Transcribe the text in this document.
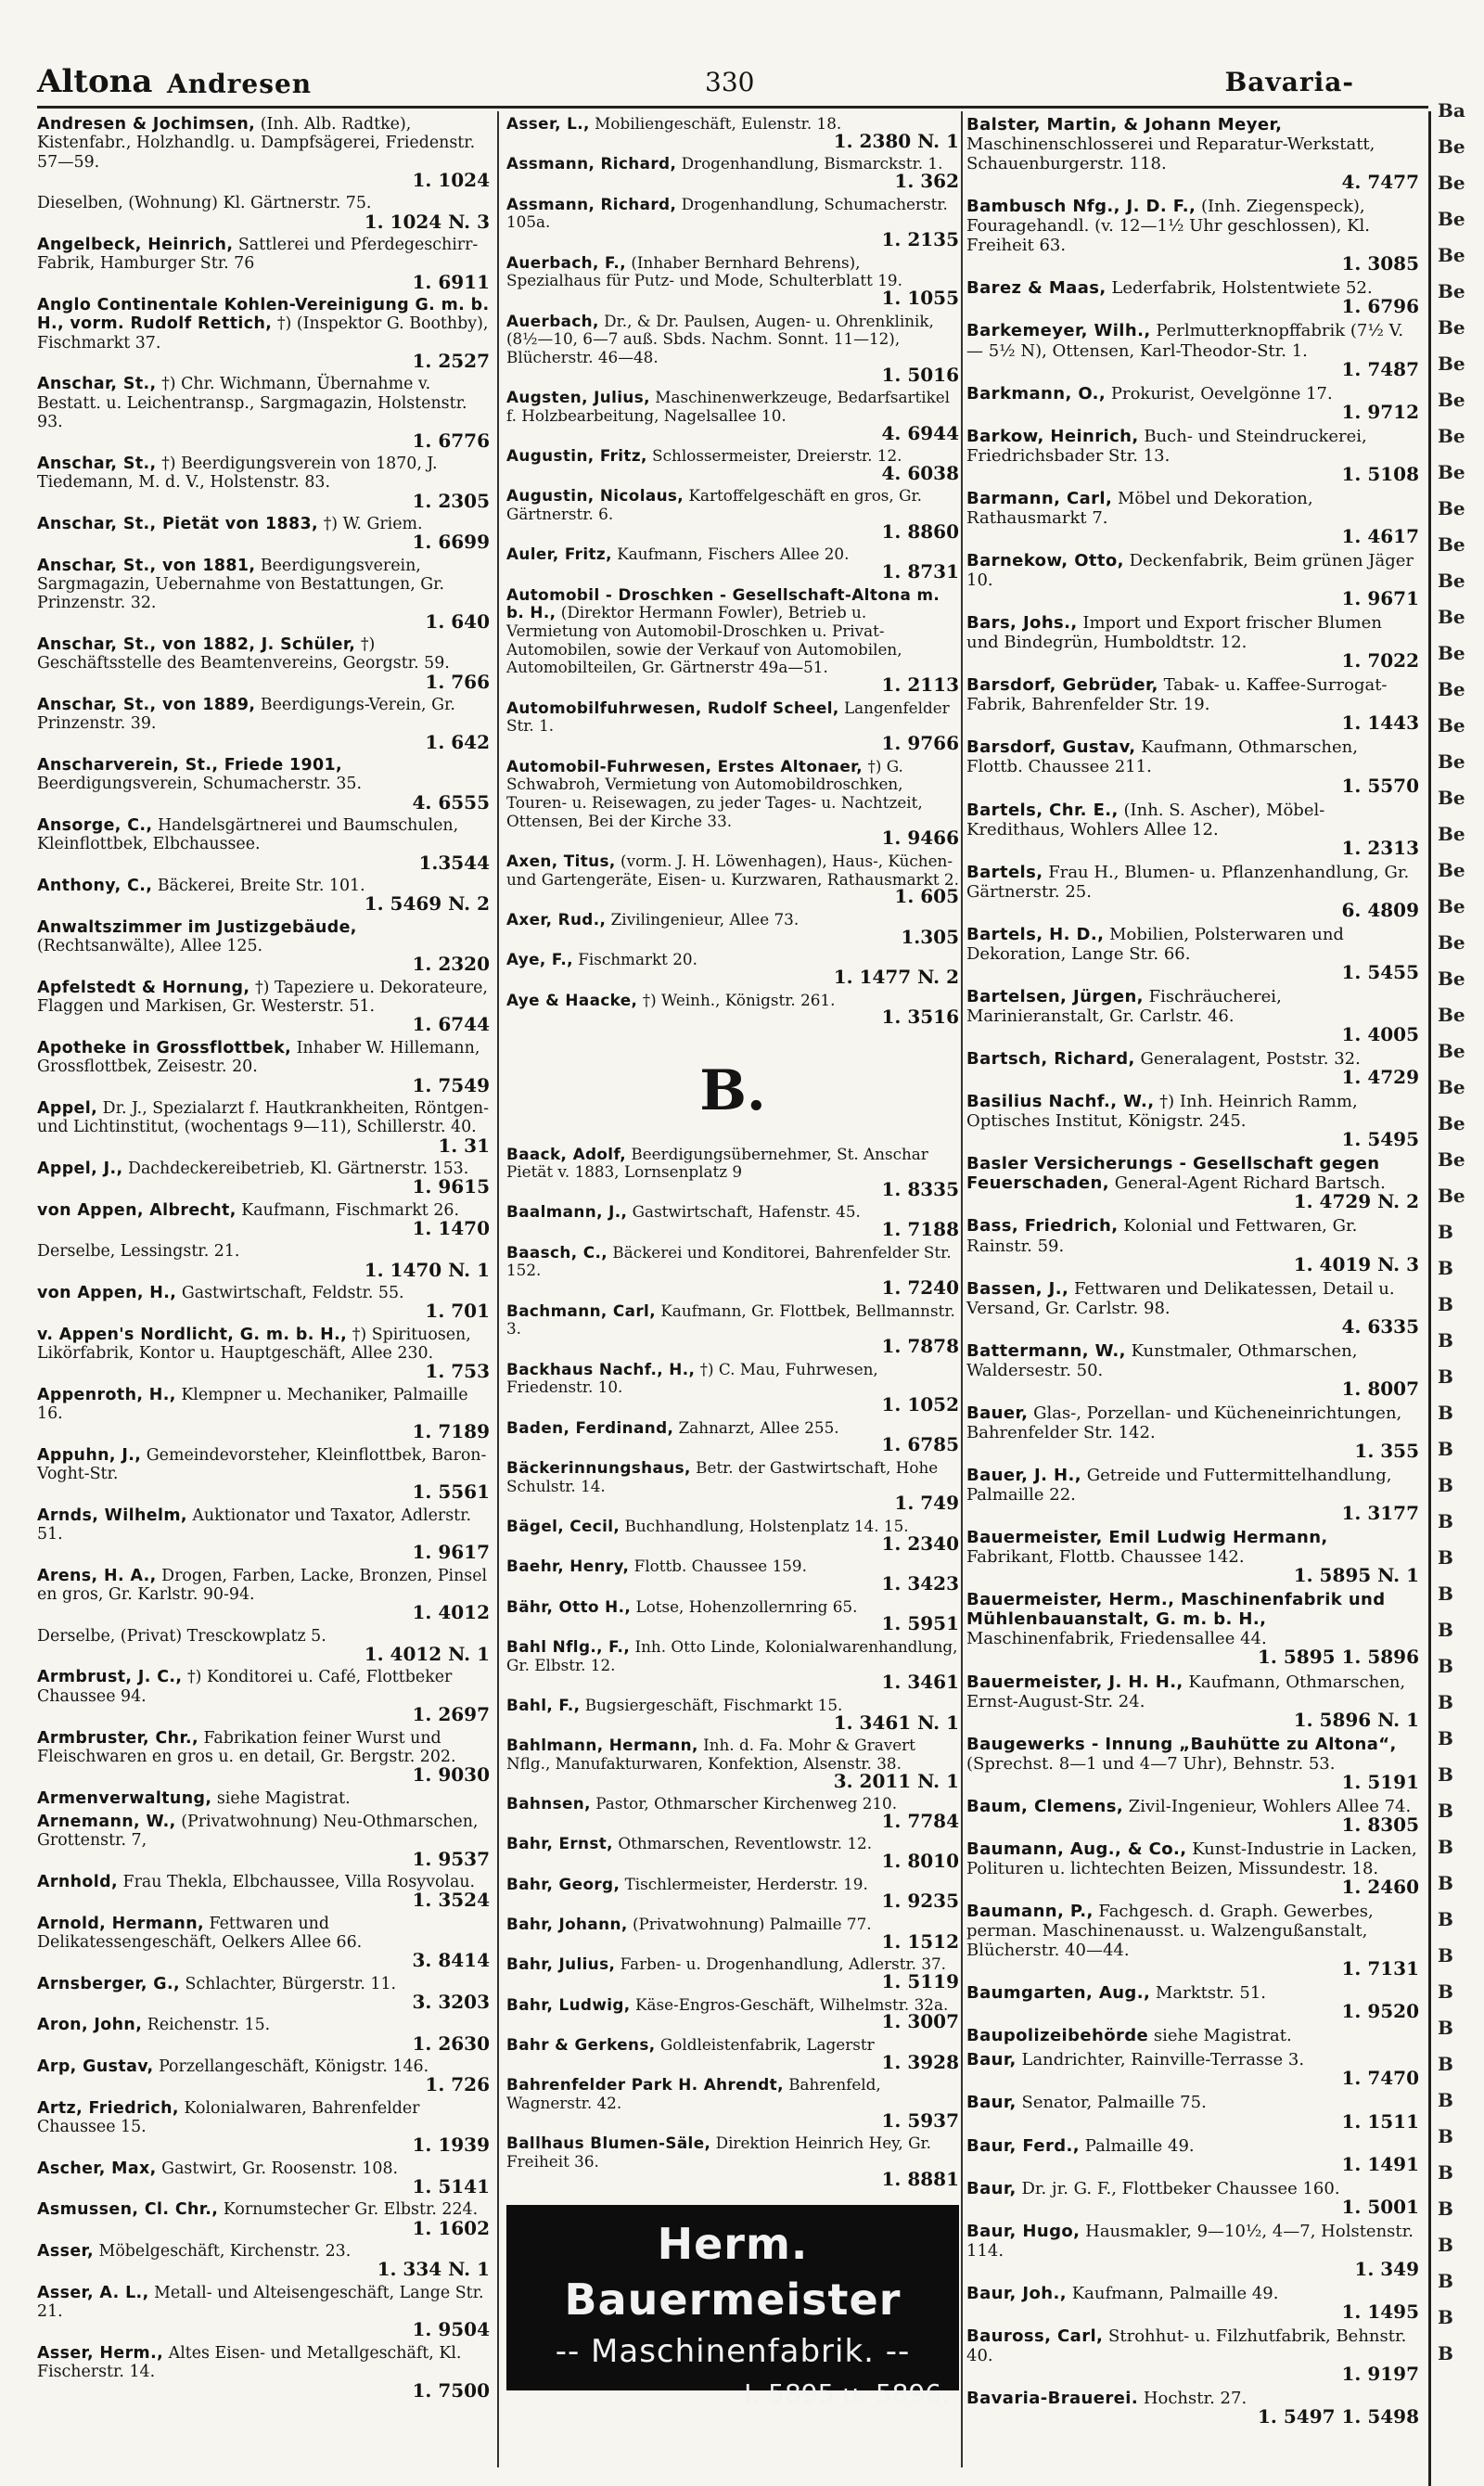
Altona Andresen	330	Bavaria-
Andresen & Jochimsen, (Inh. Alb. Radtke), Kistenfabr., Holzhandlg. u. Dampfsägerei, Friedenstr. 57—59.
1. 1024
Dieselben, (Wohnung) Kl. Gärtnerstr. 75.
1. 1024 N. 3
Angelbeck, Heinrich, Sattlerei und Pferdegeschirr-Fabrik, Hamburger Str. 76
1. 6911
Anglo Continentale Kohlen-Vereinigung G. m. b. H., vorm. Rudolf Rettich, †) (Inspektor G. Boothby), Fischmarkt 37.
1. 2527
Anschar, St., †) Chr. Wichmann, Übernahme v. Bestatt. u. Leichentransp., Sargmagazin, Holstenstr. 93.
1. 6776
Anschar, St., †) Beerdigungsverein von 1870, J. Tiedemann, M. d. V., Holstenstr. 83.
1. 2305
Anschar, St., Pietät von 1883, †) W. Griem.
1. 6699
Anschar, St., von 1881, Beerdigungsverein, Sargmagazin, Uebernahme von Bestattungen, Gr. Prinzenstr. 32.
1. 640
Anschar, St., von 1882, J. Schüler, †) Geschäftsstelle des Beamtenvereins, Georgstr. 59.
1. 766
Anschar, St., von 1889, Beerdigungs-Verein, Gr. Prinzenstr. 39.
1. 642
Anscharverein, St., Friede 1901, Beerdigungsverein, Schumacherstr. 35.
4. 6555
Ansorge, C., Handelsgärtnerei und Baumschulen, Kleinflottbek, Elbchaussee.
1.3544
Anthony, C., Bäckerei, Breite Str. 101.
1. 5469 N. 2
Anwaltszimmer im Justizgebäude, (Rechtsanwälte), Allee 125.
1. 2320
Apfelstedt & Hornung, †) Tapeziere u. Dekorateure, Flaggen und Markisen, Gr. Westerstr. 51.
1. 6744
Apotheke in Grossflottbek, Inhaber W. Hillemann, Grossflottbek, Zeisestr. 20.
1. 7549
Appel, Dr. J., Spezialarzt f. Hautkrankheiten, Röntgen- und Lichtinstitut, (wochentags 9—11), Schillerstr. 40.
1. 31
Appel, J., Dachdeckereibetrieb, Kl. Gärtnerstr. 153.
1. 9615
von Appen, Albrecht, Kaufmann, Fischmarkt 26.
1. 1470
Derselbe, Lessingstr. 21.
1. 1470 N. 1
von Appen, H., Gastwirtschaft, Feldstr. 55.
1. 701
v. Appen's Nordlicht, G. m. b. H., †) Spirituosen, Likörfabrik, Kontor u. Hauptgeschäft, Allee 230.
1. 753
Appenroth, H., Klempner u. Mechaniker, Palmaille 16.
1. 7189
Appuhn, J., Gemeindevorsteher, Kleinflottbek, Baron-Voght-Str.
1. 5561
Arnds, Wilhelm, Auktionator und Taxator, Adlerstr. 51.
1. 9617
Arens, H. A., Drogen, Farben, Lacke, Bronzen, Pinsel en gros, Gr. Karlstr. 90-94.
1. 4012
Derselbe, (Privat) Tresckowplatz 5.
1. 4012 N. 1
Armbrust, J. C., †) Konditorei u. Café, Flottbeker Chaussee 94.
1. 2697
Armbruster, Chr., Fabrikation feiner Wurst und Fleischwaren en gros u. en detail, Gr. Bergstr. 202.
1. 9030
Armenverwaltung, siehe Magistrat.
Arnemann, W., (Privatwohnung) Neu-Othmarschen, Grottenstr. 7,
1. 9537
Arnhold, Frau Thekla, Elbchaussee, Villa Rosyvolau.
1. 3524
Arnold, Hermann, Fettwaren und Delikatessengeschäft, Oelkers Allee 66.
3. 8414
Arnsberger, G., Schlachter, Bürgerstr. 11.
3. 3203
Aron, John, Reichenstr. 15.
1. 2630
Arp, Gustav, Porzellangeschäft, Königstr. 146.
1. 726
Artz, Friedrich, Kolonialwaren, Bahrenfelder Chaussee 15.
1. 1939
Ascher, Max, Gastwirt, Gr. Roosenstr. 108.
1. 5141
Asmussen, Cl. Chr., Kornumstecher Gr. Elbstr. 224.
1. 1602
Asser, Möbelgeschäft, Kirchenstr. 23.
1. 334 N. 1
Asser, A. L., Metall- und Alteisengeschäft, Lange Str. 21.
1. 9504
Asser, Herm., Altes Eisen- und Metallgeschäft, Kl. Fischerstr. 14.
1. 7500
Asser, L., Mobiliengeschäft, Eulenstr. 18.
1. 2380 N. 1
Assmann, Richard, Drogenhandlung, Bismarckstr. 1.
1. 362
Assmann, Richard, Drogenhandlung, Schumacherstr. 105a.
1. 2135
Auerbach, F., (Inhaber Bernhard Behrens), Spezialhaus für Putz- und Mode, Schulterblatt 19.
1. 1055
Auerbach, Dr., & Dr. Paulsen, Augen- u. Ohrenklinik, (8½—10, 6—7 auß. Sbds. Nachm. Sonnt. 11—12), Blücherstr. 46—48.
1. 5016
Augsten, Julius, Maschinenwerkzeuge, Bedarfsartikel f. Holzbearbeitung, Nagelsallee 10.
4. 6944
Augustin, Fritz, Schlossermeister, Dreierstr. 12.
4. 6038
Augustin, Nicolaus, Kartoffelgeschäft en gros, Gr. Gärtnerstr. 6.
1. 8860
Auler, Fritz, Kaufmann, Fischers Allee 20.
1. 8731
Automobil - Droschken - Gesellschaft-Altona m. b. H., (Direktor Hermann Fowler), Betrieb u. Vermietung von Automobil-Droschken u. Privat-Automobilen, sowie der Verkauf von Automobilen, Automobilteilen, Gr. Gärtnerstr 49a—51.
1. 2113
Automobilfuhrwesen, Rudolf Scheel, Langenfelder Str. 1.
1. 9766
Automobil-Fuhrwesen, Erstes Altonaer, †) G. Schwabroh, Vermietung von Automobildroschken, Touren- u. Reisewagen, zu jeder Tages- u. Nachtzeit, Ottensen, Bei der Kirche 33.
1. 9466
Axen, Titus, (vorm. J. H. Löwenhagen), Haus-, Küchen- und Gartengeräte, Eisen- u. Kurzwaren, Rathausmarkt 2.
1. 605
Axer, Rud., Zivilingenieur, Allee 73.
1.305
Aye, F., Fischmarkt 20.
1. 1477 N. 2
Aye & Haacke, †) Weinh., Königstr. 261.
1. 3516
B.
Baack, Adolf, Beerdigungsübernehmer, St. Anschar Pietät v. 1883, Lornsenplatz 9
1. 8335
Baalmann, J., Gastwirtschaft, Hafenstr. 45.
1. 7188
Baasch, C., Bäckerei und Konditorei, Bahrenfelder Str. 152.
1. 7240
Bachmann, Carl, Kaufmann, Gr. Flottbek, Bellmannstr. 3.
1. 7878
Backhaus Nachf., H., †) C. Mau, Fuhrwesen, Friedenstr. 10.
1. 1052
Baden, Ferdinand, Zahnarzt, Allee 255.
1. 6785
Bäckerinnungshaus, Betr. der Gastwirtschaft, Hohe Schulstr. 14.
1. 749
Bägel, Cecil, Buchhandlung, Holstenplatz 14. 15.
1. 2340
Baehr, Henry, Flottb. Chaussee 159.
1. 3423
Bähr, Otto H., Lotse, Hohenzollernring 65.
1. 5951
Bahl Nflg., F., Inh. Otto Linde, Kolonialwarenhandlung, Gr. Elbstr. 12.
1. 3461
Bahl, F., Bugsiergeschäft, Fischmarkt 15.
1. 3461 N. 1
Bahlmann, Hermann, Inh. d. Fa. Mohr & Gravert Nflg., Manufakturwaren, Konfektion, Alsenstr. 38.
3. 2011 N. 1
Bahnsen, Pastor, Othmarscher Kirchenweg 210.
1. 7784
Bahr, Ernst, Othmarschen, Reventlowstr. 12.
1. 8010
Bahr, Georg, Tischlermeister, Herderstr. 19.
1. 9235
Bahr, Johann, (Privatwohnung) Palmaille 77.
1. 1512
Bahr, Julius, Farben- u. Drogenhandlung, Adlerstr. 37.
1. 5119
Bahr, Ludwig, Käse-Engros-Geschäft, Wilhelmstr. 32a.
1. 3007
Bahr & Gerkens, Goldleistenfabrik, Lagerstr
1. 3928
Bahrenfelder Park H. Ahrendt, Bahrenfeld, Wagnerstr. 42.
1. 5937
Ballhaus Blumen-Säle, Direktion Heinrich Hey, Gr. Freiheit 36.
1. 8881
Herm. Bauermeister
-- Maschinenfabrik. --
I. 5895 u. 5896.
Balster, Martin, & Johann Meyer, Maschinenschlosserei und Reparatur-Werkstatt, Schauenburgerstr. 118.
4. 7477
Bambusch Nfg., J. D. F., (Inh. Ziegenspeck), Fouragehandl. (v. 12—1½ Uhr geschlossen), Kl. Freiheit 63.
1. 3085
Barez & Maas, Lederfabrik, Holstentwiete 52.
1. 6796
Barkemeyer, Wilh., Perlmutterknopffabrik (7½ V. — 5½ N), Ottensen, Karl-Theodor-Str. 1.
1. 7487
Barkmann, O., Prokurist, Oevelgönne 17.
1. 9712
Barkow, Heinrich, Buch- und Steindruckerei, Friedrichsbader Str. 13.
1. 5108
Barmann, Carl, Möbel und Dekoration, Rathausmarkt 7.
1. 4617
Barnekow, Otto, Deckenfabrik, Beim grünen Jäger 10.
1. 9671
Bars, Johs., Import und Export frischer Blumen und Bindegrün, Humboldtstr. 12.
1. 7022
Barsdorf, Gebrüder, Tabak- u. Kaffee-Surrogat-Fabrik, Bahrenfelder Str. 19.
1. 1443
Barsdorf, Gustav, Kaufmann, Othmarschen, Flottb. Chaussee 211.
1. 5570
Bartels, Chr. E., (Inh. S. Ascher), Möbel-Kredithaus, Wohlers Allee 12.
1. 2313
Bartels, Frau H., Blumen- u. Pflanzenhandlung, Gr. Gärtnerstr. 25.
6. 4809
Bartels, H. D., Mobilien, Polsterwaren und Dekoration, Lange Str. 66.
1. 5455
Bartelsen, Jürgen, Fischräucherei, Marinieranstalt, Gr. Carlstr. 46.
1. 4005
Bartsch, Richard, Generalagent, Poststr. 32.
1. 4729
Basilius Nachf., W., †) Inh. Heinrich Ramm, Optisches Institut, Königstr. 245.
1. 5495
Basler Versicherungs - Gesellschaft gegen Feuerschaden, General-Agent Richard Bartsch.
1. 4729 N. 2
Bass, Friedrich, Kolonial und Fettwaren, Gr. Rainstr. 59.
1. 4019 N. 3
Bassen, J., Fettwaren und Delikatessen, Detail u. Versand, Gr. Carlstr. 98.
4. 6335
Battermann, W., Kunstmaler, Othmarschen, Waldersestr. 50.
1. 8007
Bauer, Glas-, Porzellan- und Kücheneinrichtungen, Bahrenfelder Str. 142.
1. 355
Bauer, J. H., Getreide und Futtermittelhandlung, Palmaille 22.
1. 3177
Bauermeister, Emil Ludwig Hermann, Fabrikant, Flottb. Chaussee 142.
1. 5895 N. 1
Bauermeister, Herm., Maschinenfabrik und Mühlenbauanstalt, G. m. b. H., Maschinenfabrik, Friedensallee 44.
1. 5895 1. 5896
Bauermeister, J. H. H., Kaufmann, Othmarschen, Ernst-August-Str. 24.
1. 5896 N. 1
Baugewerks - Innung „Bauhütte zu Altona“, (Sprechst. 8—1 und 4—7 Uhr), Behnstr. 53.
1. 5191
Baum, Clemens, Zivil-Ingenieur, Wohlers Allee 74.
1. 8305
Baumann, Aug., & Co., Kunst-Industrie in Lacken, Polituren u. lichtechten Beizen, Missundestr. 18.
1. 2460
Baumann, P., Fachgesch. d. Graph. Gewerbes, perman. Maschinenausst. u. Walzengußanstalt, Blücherstr. 40—44.
1. 7131
Baumgarten, Aug., Marktstr. 51.
1. 9520
Baupolizeibehörde siehe Magistrat.
Baur, Landrichter, Rainville-Terrasse 3.
1. 7470
Baur, Senator, Palmaille 75.
1. 1511
Baur, Ferd., Palmaille 49.
1. 1491
Baur, Dr. jr. G. F., Flottbeker Chaussee 160.
1. 5001
Baur, Hugo, Hausmakler, 9—10½, 4—7, Holstenstr. 114.
1. 349
Baur, Joh., Kaufmann, Palmaille 49.
1. 1495
Bauross, Carl, Strohhut- u. Filzhutfabrik, Behnstr. 40.
1. 9197
Bavaria-Brauerei. Hochstr. 27.
1. 5497 1. 5498
Ba
Be
Be
Be
Be
Be
Be
Be
Be
Be
Be
Be
Be
Be
Be
Be
Be
Be
Be
Be
Be
Be
Be
Be
Be
Be
Be
Be
Be
Be
Be
B
B
B
B
B
B
B
B
B
B
B
B
B
B
B
B
B
B
B
B
B
B
B
B
B
B
B
B
B
B
B
B
